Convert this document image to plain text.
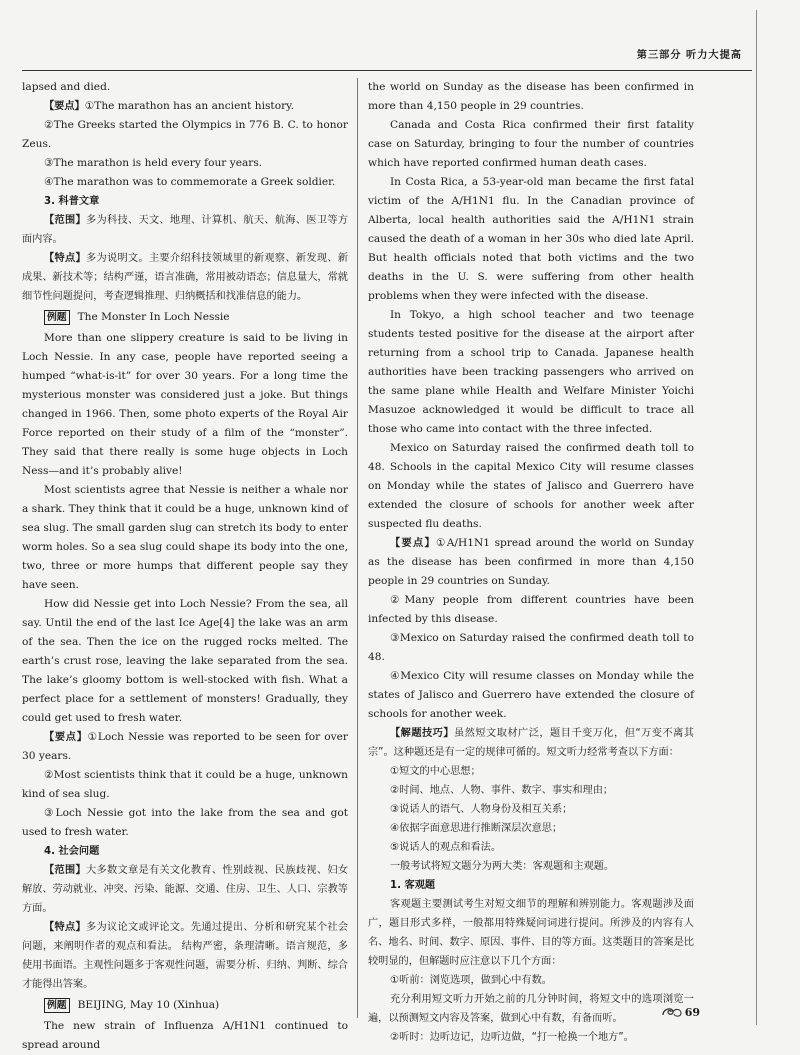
第三部分 听力大提高

lapsed and died.

【要点】①The marathon has an ancient history.

②The Greeks started the Olympics in 776 B. C. to honor Zeus.

③The marathon is held every four years.

④The marathon was to commemorate a Greek soldier.

3. 科普文章

【范围】多为科技、天文、地理、计算机、航天、航海、医卫等方面内容。

【特点】多为说明文。主要介绍科技领域里的新观察、新发现、新成果、新技术等；结构严谨，语言准确，常用被动语态；信息量大，常就细节性问题提问，考查逻辑推理、归纳概括和找准信息的能力。

例题 The Monster In Loch Nessie

More than one slippery creature is said to be living in Loch Nessie. In any case, people have reported seeing a humped “what-is-it” for over 30 years. For a long time the mysterious monster was considered just a joke. But things changed in 1966. Then, some photo experts of the Royal Air Force reported on their study of a film of the “monster”. They said that there really is some huge objects in Loch Ness—and it’s probably alive!

Most scientists agree that Nessie is neither a whale nor a shark. They think that it could be a huge, unknown kind of sea slug. The small garden slug can stretch its body to enter worm holes. So a sea slug could shape its body into the one, two, three or more humps that different people say they have seen.

How did Nessie get into Loch Nessie? From the sea, all say. Until the end of the last Ice Age[4] the lake was an arm of the sea. Then the ice on the rugged rocks melted. The earth’s crust rose, leaving the lake separated from the sea. The lake’s gloomy bottom is well-stocked with fish. What a perfect place for a settlement of monsters! Gradually, they could get used to fresh water.

【要点】①Loch Nessie was reported to be seen for over 30 years.

②Most scientists think that it could be a huge, unknown kind of sea slug.

③Loch Nessie got into the lake from the sea and got used to fresh water.

4. 社会问题

【范围】大多数文章是有关文化教育、性别歧视、民族歧视、妇女解放、劳动就业、冲突、污染、能源、交通、住房、卫生、人口、宗教等方面。

【特点】多为议论文或评论文。先通过提出、分析和研究某个社会问题，来阐明作者的观点和看法。 结构严密，条理清晰。语言规范，多使用书面语。主观性问题多于客观性问题，需要分析、归纳、判断、综合才能得出答案。

例题 BEIJING, May 10 (Xinhua)

The new strain of Influenza A/H1N1 continued to spread around

the world on Sunday as the disease has been confirmed in more than 4,150 people in 29 countries.

Canada and Costa Rica confirmed their first fatality case on Saturday, bringing to four the number of countries which have reported confirmed human death cases.

In Costa Rica, a 53-year-old man became the first fatal victim of the A/H1N1 flu. In the Canadian province of Alberta, local health authorities said the A/H1N1 strain caused the death of a woman in her 30s who died late April. But health officials noted that both victims and the two deaths in the U. S. were suffering from other health problems when they were infected with the disease.

In Tokyo, a high school teacher and two teenage students tested positive for the disease at the airport after returning from a school trip to Canada. Japanese health authorities have been tracking passengers who arrived on the same plane while Health and Welfare Minister Yoichi Masuzoe acknowledged it would be difficult to trace all those who came into contact with the three infected.

Mexico on Saturday raised the confirmed death toll to 48. Schools in the capital Mexico City will resume classes on Monday while the states of Jalisco and Guerrero have extended the closure of schools for another week after suspected flu deaths.

【要点】①A/H1N1 spread around the world on Sunday as the disease has been confirmed in more than 4,150 people in 29 countries on Sunday.

②Many people from different countries have been infected by this disease.

③Mexico on Saturday raised the confirmed death toll to 48.

④Mexico City will resume classes on Monday while the states of Jalisco and Guerrero have extended the closure of schools for another week.

【解题技巧】虽然短文取材广泛，题目千变万化，但“万变不离其宗”。这种题还是有一定的规律可循的。短文听力经常考查以下方面：

①短文的中心思想；

②时间、地点、人物、事件、数字、事实和理由；

③说话人的语气、人物身份及相互关系；

④依据字面意思进行推断深层次意思；

⑤说话人的观点和看法。

一般考试将短文题分为两大类：客观题和主观题。

1. 客观题

客观题主要测试考生对短文细节的理解和辨别能力。客观题涉及面广，题目形式多样，一般都用特殊疑问词进行提问。所涉及的内容有人名、地名、时间、数字、原因、事件、目的等方面。这类题目的答案是比较明显的，但解题时应注意以下几个方面：

①听前：浏览选项，做到心中有数。

充分利用短文听力开始之前的几分钟时间，将短文中的选项浏览一遍，以预测短文内容及答案，做到心中有数，有备而听。

②听时：边听边记，边听边做，“打一枪换一个地方”。

69
